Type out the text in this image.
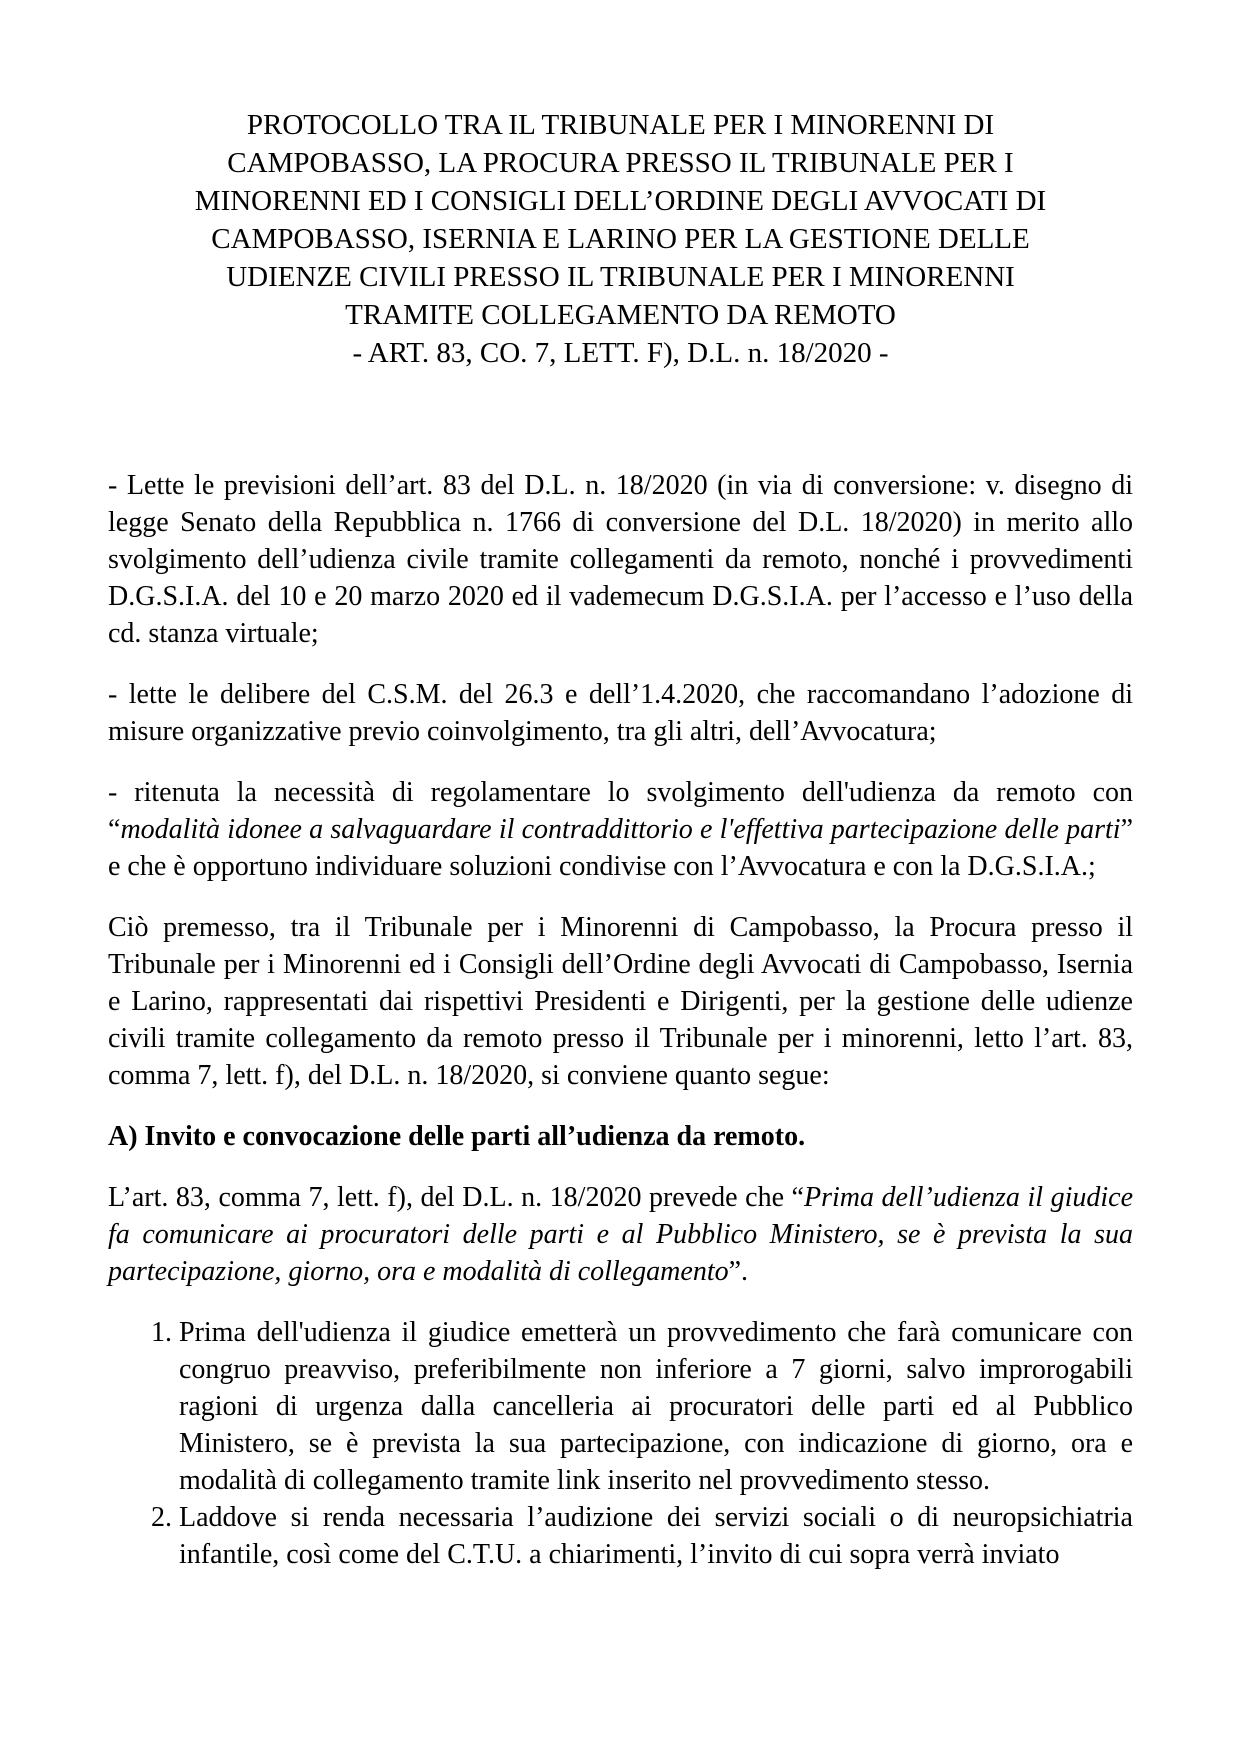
PROTOCOLLO TRA IL TRIBUNALE PER I MINORENNI DI
CAMPOBASSO, LA PROCURA PRESSO IL TRIBUNALE PER I
MINORENNI ED I CONSIGLI DELL’ORDINE DEGLI AVVOCATI DI
CAMPOBASSO, ISERNIA E LARINO PER LA GESTIONE DELLE
UDIENZE CIVILI PRESSO IL TRIBUNALE PER I MINORENNI
TRAMITE COLLEGAMENTO DA REMOTO
- ART. 83, CO. 7, LETT. F), D.L. n. 18/2020 -

- Lette le previsioni dell’art. 83 del D.L. n. 18/2020 (in via di conversione: v. disegno di legge Senato della Repubblica n. 1766 di conversione del D.L. 18/2020) in merito allo svolgimento dell’udienza civile tramite collegamenti da remoto, nonché i provvedimenti D.G.S.I.A. del 10 e 20 marzo 2020 ed il vademecum D.G.S.I.A. per l’accesso e l’uso della cd. stanza virtuale;

- lette le delibere del C.S.M. del 26.3 e dell’1.4.2020, che raccomandano l’adozione di misure organizzative previo coinvolgimento, tra gli altri, dell’Avvocatura;

- ritenuta la necessità di regolamentare lo svolgimento dell'udienza da remoto con “modalità idonee a salvaguardare il contraddittorio e l'effettiva partecipazione delle parti” e che è opportuno individuare soluzioni condivise con l’Avvocatura e con la D.G.S.I.A.;

Ciò premesso, tra il Tribunale per i Minorenni di Campobasso, la Procura presso il Tribunale per i Minorenni ed i Consigli dell’Ordine degli Avvocati di Campobasso, Isernia e Larino, rappresentati dai rispettivi Presidenti e Dirigenti, per la gestione delle udienze civili tramite collegamento da remoto presso il Tribunale per i minorenni, letto l’art. 83, comma 7, lett. f), del D.L. n. 18/2020, si conviene quanto segue:

A) Invito e convocazione delle parti all’udienza da remoto.

L’art. 83, comma 7, lett. f), del D.L. n. 18/2020 prevede che “Prima dell’udienza il giudice fa comunicare ai procuratori delle parti e al Pubblico Ministero, se è prevista la sua partecipazione, giorno, ora e modalità di collegamento”.

1. Prima dell'udienza il giudice emetterà un provvedimento che farà comunicare con congruo preavviso, preferibilmente non inferiore a 7 giorni, salvo improrogabili ragioni di urgenza dalla cancelleria ai procuratori delle parti ed al Pubblico Ministero, se è prevista la sua partecipazione, con indicazione di giorno, ora e modalità di collegamento tramite link inserito nel provvedimento stesso.
2. Laddove si renda necessaria l’audizione dei servizi sociali o di neuropsichiatria infantile, così come del C.T.U. a chiarimenti, l’invito di cui sopra verrà inviato
